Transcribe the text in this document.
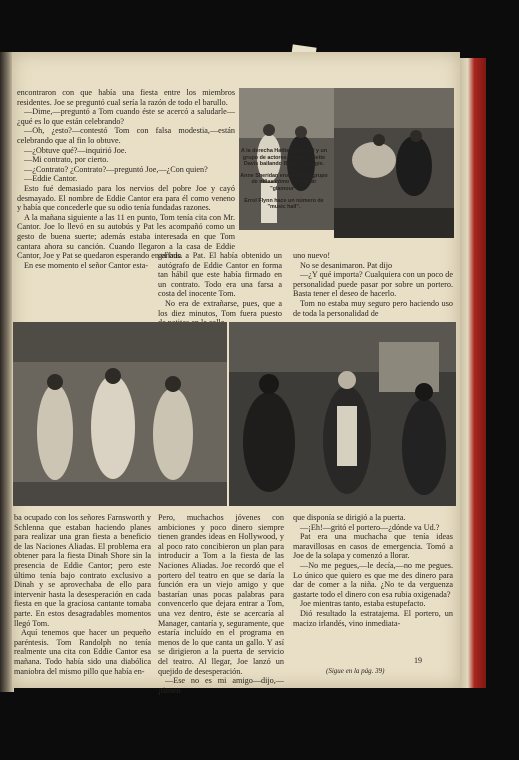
encontraron con que había una fiesta entre los miembros residentes. Joe se preguntó cual sería la razón de todo el barullo.

—Dime,—preguntó a Tom cuando éste se acercó a saludarle—¿qué es lo que están celebrando?

—Oh, ¿esto?—contestó Tom con falsa modestia,—están celebrando que al fin lo obtuve.

—¿Obtuve qué?—inquirió Joe.

—Mi contrato, por cierto.

—¿Contrato? ¿Contrato?—preguntó Joe,—¿Con quien?

—Eddie Cantor.

Esto fué demasiado para los nervios del pobre Joe y cayó desmayado. El nombre de Eddie Cantor era para él como veneno y había que concederle que su odio tenía fundadas razones.

A la mañana siguiente a las 11 en punto, Tom tenía cita con Mr. Cantor. Joe lo llevó en su autobús y Pat les acompañó como un gesto de buena suerte; además estaba interesada en que Tom cantara ahora su canción. Cuando llegaron a la casa de Eddie Cantor, Joe y Pat se quedaron esperando en el bus.

En ese momento el señor Cantor esta-

A la derecha Hattie McDaniel y un grupo de actores de color. Bette Davis bailando Boogie Woogie.

Anne Sheridan enseña a un grupo de niñas cómo conseguir "glamour".

Errol Flynn hace un número de "music hall".

gañado a Pat. El había obtenido un autógrafo de Eddie Cantor en forma tan hábil que este había firmado en un contrato. Todo era una farsa a costa del inocente Tom.

No era de extrañarse, pues, que a los diez minutos, Tom fuera puesto

uno nuevo!

No se desanimaron. Pat dijo

—¿Y qué importa? Cualquiera con un poco de personalidad puede pasar por sobre un portero. Basta tener el deseo de hacerlo.

Tom no estaba muy seguro pero haciendo uso de toda la personalidad de

ba ocupado con los señores Farnsworth y Schlenna que estaban haciendo planes para realizar una gran fiesta a beneficio de las Naciones Aliadas. El problema era obtener para la fiesta Dinah Shore sin la presencia de Eddie Cantor; pero este último tenía bajo contrato exclusivo a Dinah y se aprovechaba de ello para intervenir hasta la desesperación en cada fiesta en que la graciosa cantante tomaba parte. En estos desagradables momentos llegó Tom.

Aquí tenemos que hacer un pequeño paréntesis. Tom Randolph no tenía realmente una cita con Eddie Cantor esa mañana. Todo había sido una diabólica maniobra del mismo pillo que había en-

Pero, muchachos jóvenes con ambiciones y poco dinero siempre tienen grandes ideas en Hollywood, y al poco rato concibieron un plan para introducir a Tom a la fiesta de las Naciones Aliadas. Joe recordó que el portero del teatro en que se daría la función era un viejo amigo y que bastarían unas pocas palabras para convencerlo que dejara entrar a Tom, una vez dentro, éste se acercaría al Manager, cantaría y, seguramente, que estaría incluído en el programa en menos de lo que canta un gallo. Y así se dirigieron a la puerta de servicio del teatro. Al llegar, Joe lanzó un quejido de desesperación.

—Ese no es mi amigo—dijo,—¡tienen

que disponía se dirigió a la puerta.

—¡Eh!—gritó el portero—¿dónde va Ud.?

Pat era una muchacha que tenía ideas maravillosas en casos de emergencia. Tomó a Joe de la solapa y comenzó a llorar.

—No me pegues,—le decía,—no me pegues. Lo único que quiero es que me des dinero para dar de comer a la niña. ¿No te da verguenza gastarte todo el dinero con esa rubia oxigenada?

Joe mientras tanto, estaba estupefacto.

Dió resultado la estratajema. El portero, un macizo irlandés, vino inmediata-

(Sigue en la pág. 39)
19
